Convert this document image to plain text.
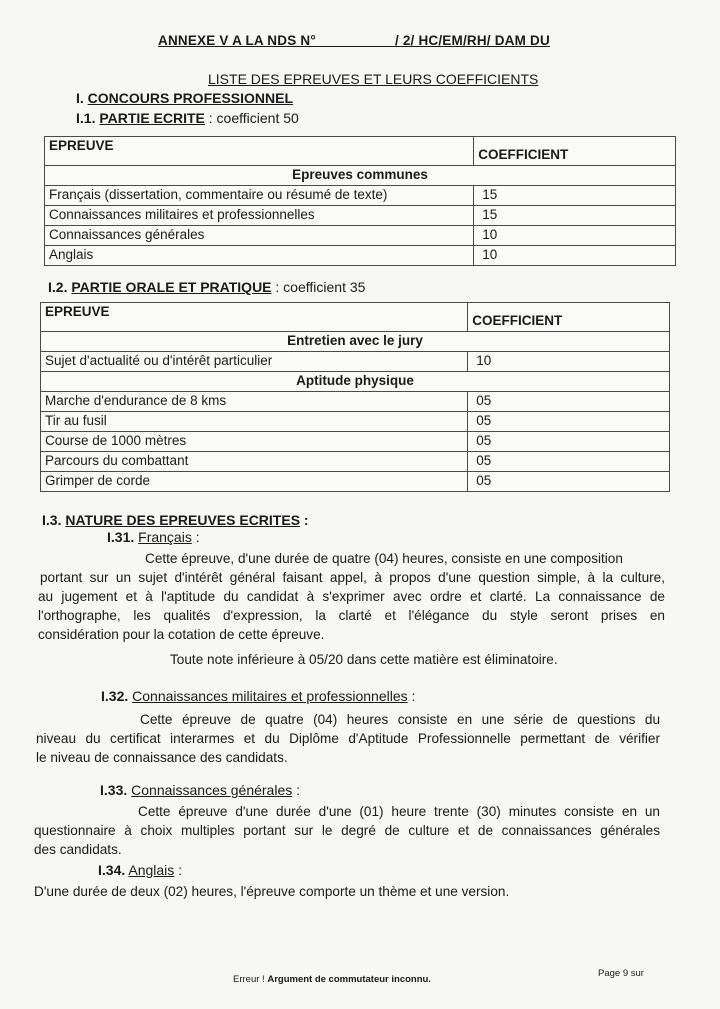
ANNEXE V A LA NDS N°	/ 2/ HC/EM/RH/ DAM DU
LISTE DES EPREUVES ET LEURS COEFFICIENTS
I. CONCOURS PROFESSIONNEL
I.1. PARTIE ECRITE : coefficient 50
EPREUVE	COEFFICIENT
Epreuves communes	
Français (dissertation, commentaire ou résumé de texte)	15
Connaissances militaires et professionnelles	15
Connaissances générales	10
Anglais	10
I.2. PARTIE ORALE ET PRATIQUE : coefficient 35
EPREUVE	COEFFICIENT
Entretien avec le jury	
Sujet d'actualité ou d'intérêt particulier	10
Aptitude physique	
Marche d'endurance de 8 kms	05
Tir au fusil	05
Course de 1000 mètres	05
Parcours du combattant	05
Grimper de corde	05
I.3. NATURE DES EPREUVES ECRITES :
I.31. Français :
Cette épreuve, d'une durée de quatre (04) heures, consiste en une composition
portant sur un sujet d'intérêt général faisant appel, à propos d'une question simple, à la culture,
au jugement et à l'aptitude du candidat à s'exprimer avec ordre et clarté. La connaissance de
l'orthographe, les qualités d'expression, la clarté et l'élégance du style seront prises en
considération pour la cotation de cette épreuve.
Toute note inférieure à 05/20 dans cette matière est éliminatoire.
I.32. Connaissances militaires et professionnelles :
Cette épreuve de quatre (04) heures consiste en une série de questions du
niveau du certificat interarmes et du Diplôme d'Aptitude Professionnelle permettant de vérifier
le niveau de connaissance des candidats.
I.33. Connaissances générales :
Cette épreuve d'une durée d'une (01) heure trente (30) minutes consiste en un
questionnaire à choix multiples portant sur le degré de culture et de connaissances générales
des candidats.
I.34. Anglais :
D'une durée de deux (02) heures, l'épreuve comporte un thème et une version.
Erreur ! Argument de commutateur inconnu.
Page 9 sur
